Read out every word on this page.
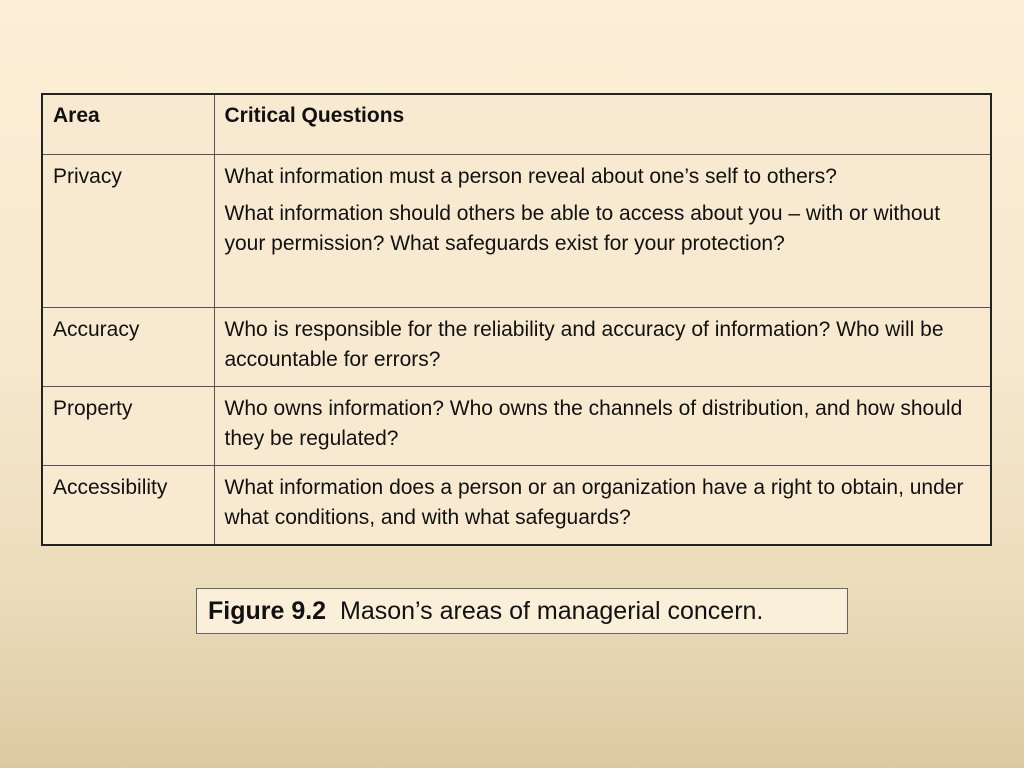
Area	Critical Questions
Privacy	What information must a person reveal about one’s self to others?

What information should others be able to access about you – with or without your permission? What safeguards exist for your protection?

Accuracy	Who is responsible for the reliability and accuracy of information? Who will be accountable for errors?

Property	Who owns information? Who owns the channels of distribution, and how should they be regulated?

Accessibility	What information does a person or an organization have a right to obtain, under what conditions, and with what safeguards?

Figure 9.2 Mason’s areas of managerial concern.
